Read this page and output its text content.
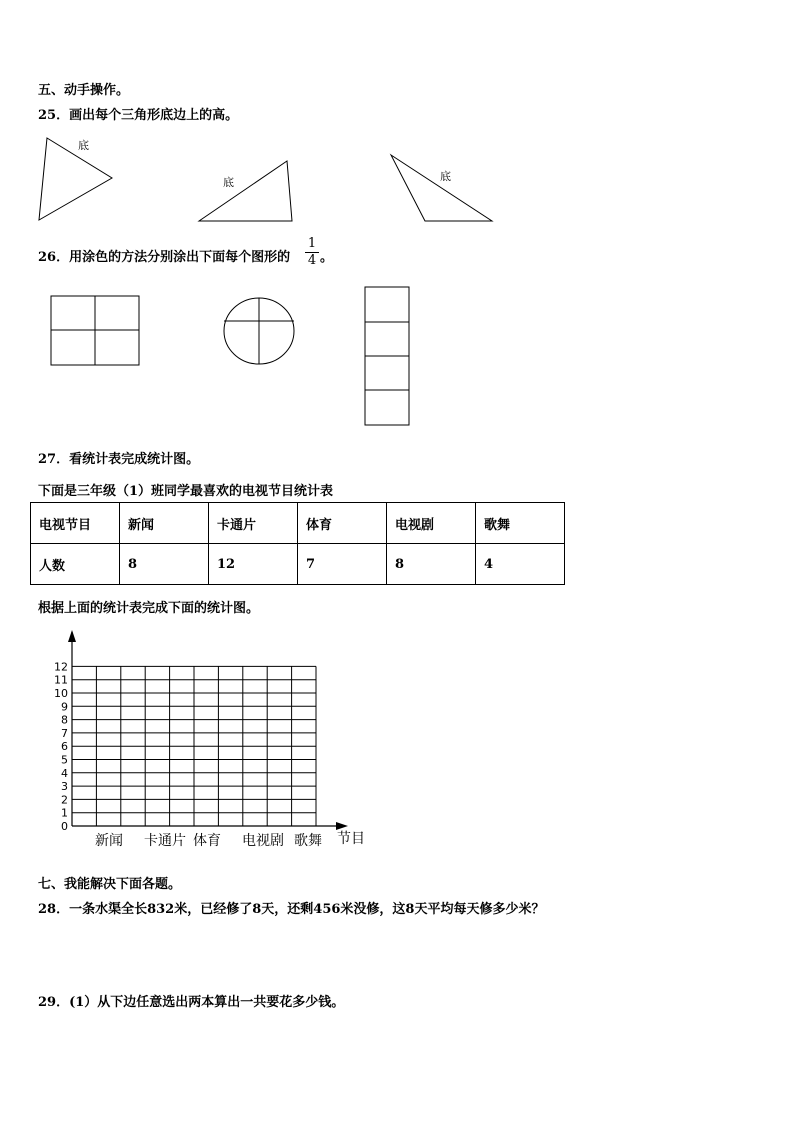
五、动手操作。
25．画出每个三角形底边上的高。
底
底	底
26．用涂色的方法分别涂出下面每个图形的 $\frac{1}{4}$ 。
27．看统计表完成统计图。
下面是三年级（1）班同学最喜欢的电视节目统计表
电视节目	新闻	卡通片	体育	电视剧	歌舞
人数	8	12	7	8	4
根据上面的统计表完成下面的统计图。
0
1
2
3
4
5
6
7
8
9
10
11
12
新闻 卡通片 体育 电视剧 歌舞 节目
七、我能解决下面各题。
28．一条水渠全长832米，已经修了8天，还剩456米没修，这8天平均每天修多少米？
29．(1）从下边任意选出两本算出一共要花多少钱。
